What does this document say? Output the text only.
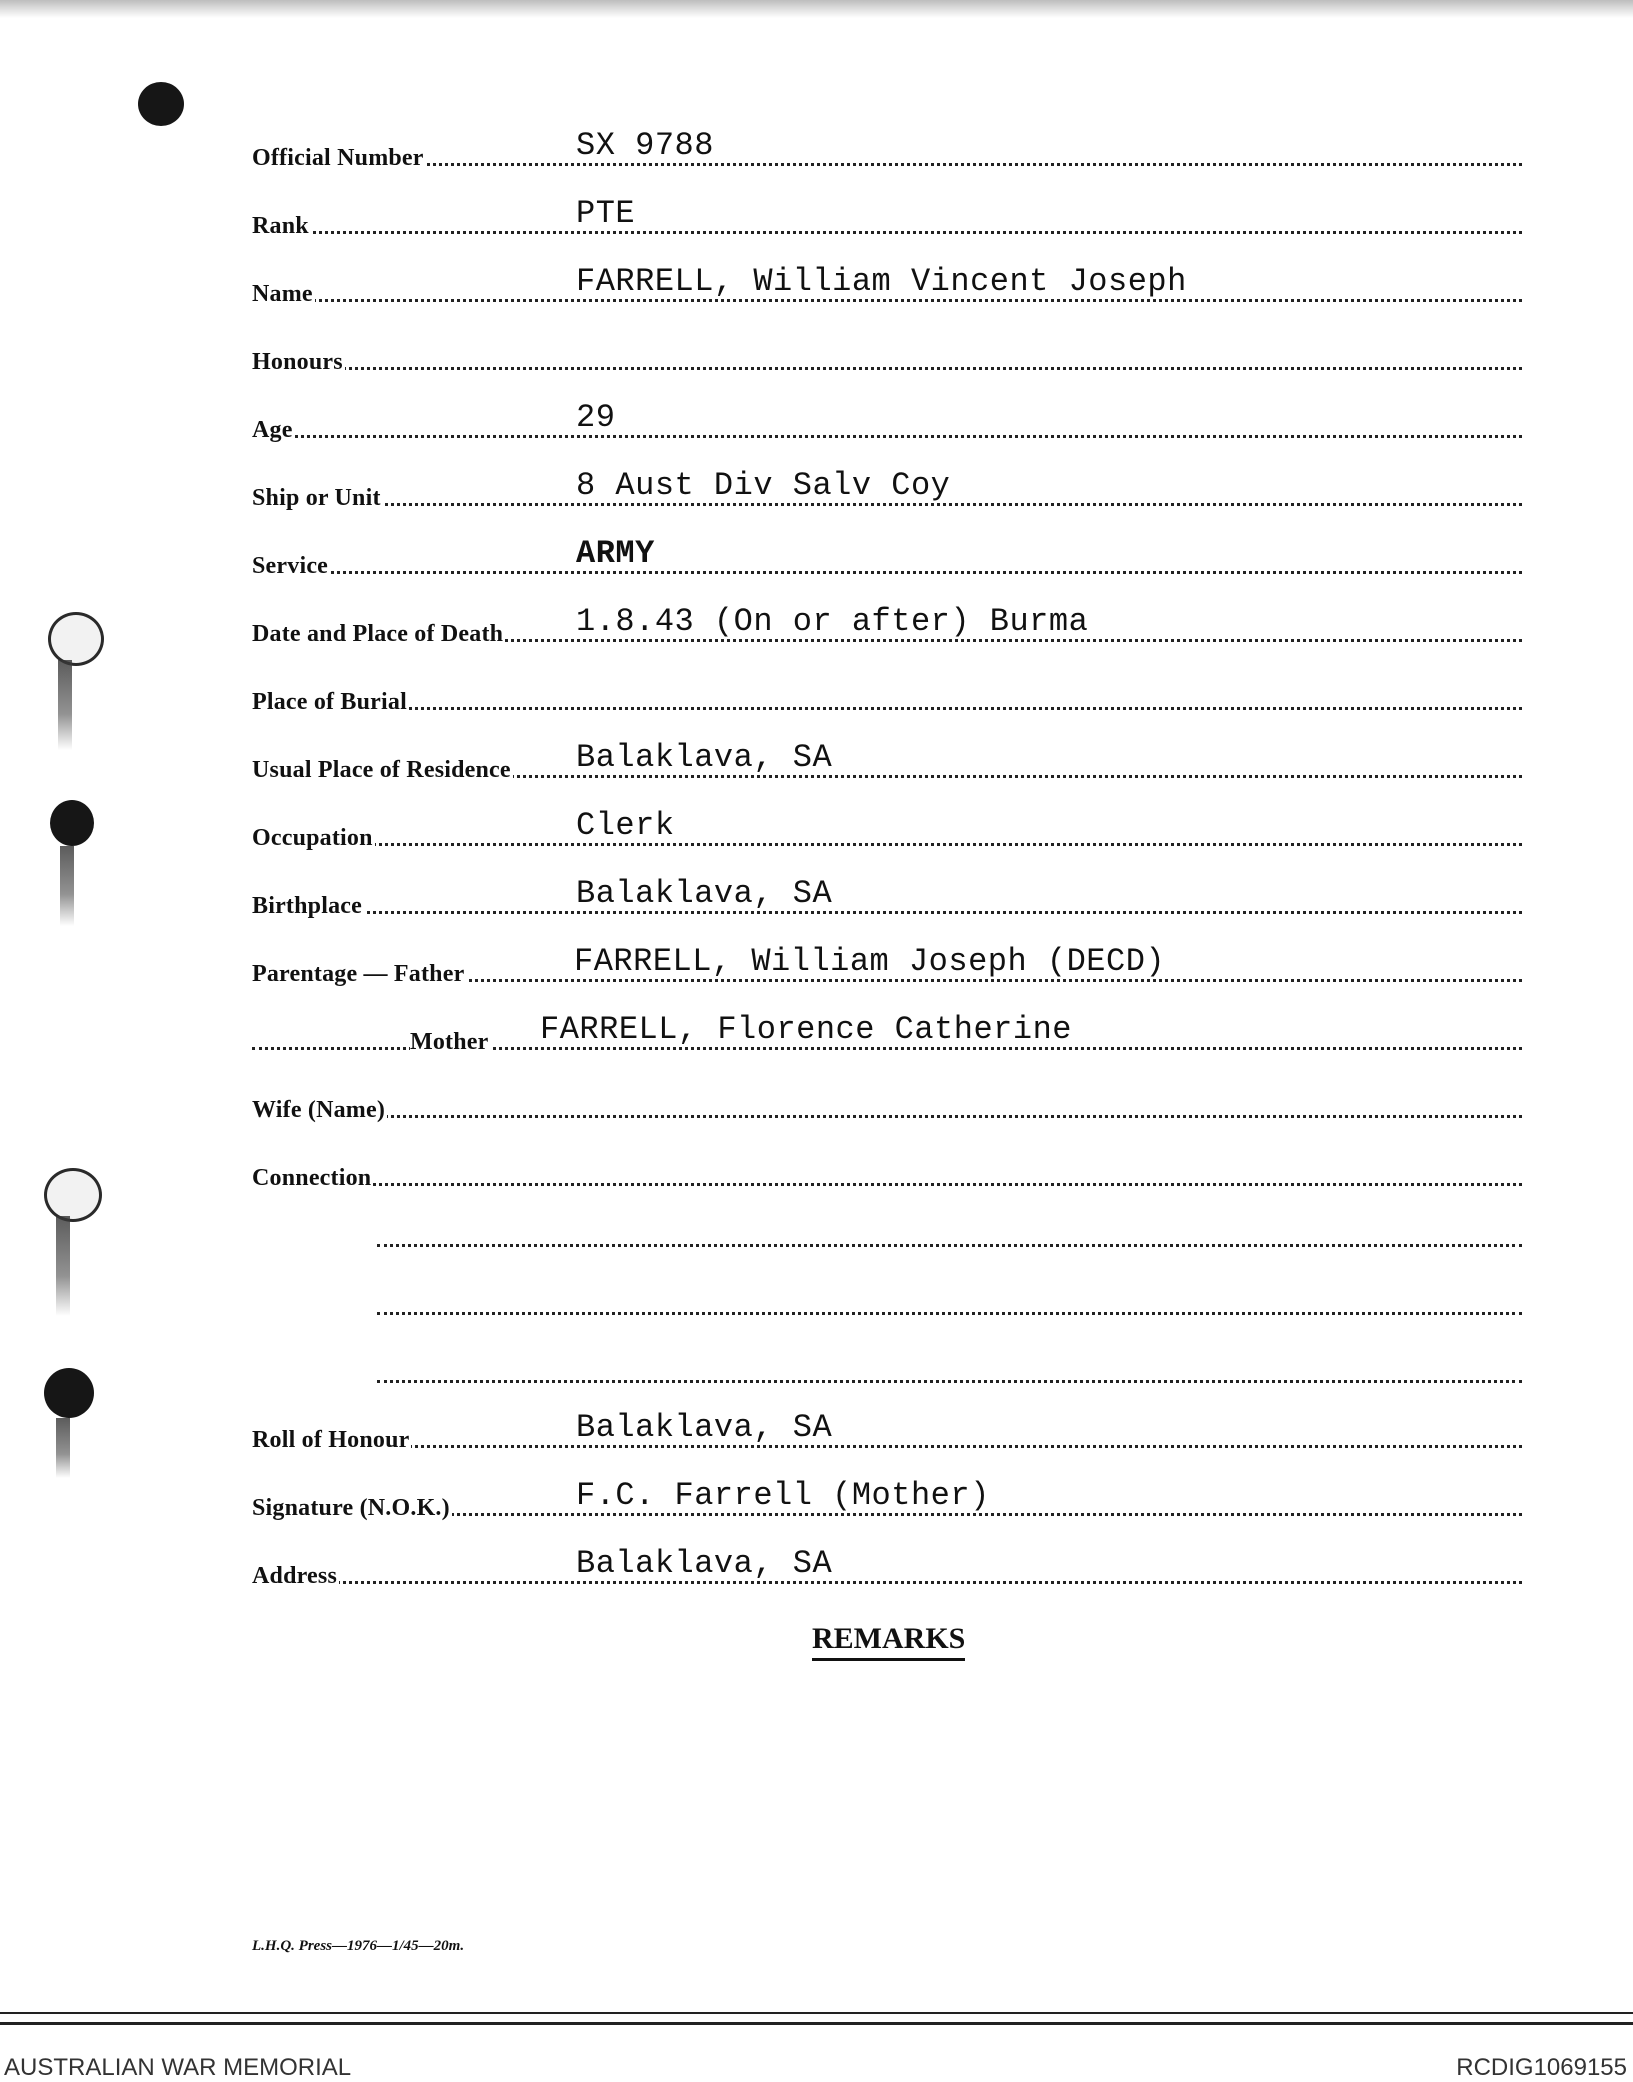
Official Number	SX 9788
Rank	PTE
Name	FARRELL, William Vincent Joseph
Honours
Age	29
Ship or Unit	8 Aust Div Salv Coy
Service	ARMY
Date and Place of Death 1.8.43 (On or after) Burma
Place of Burial
Usual Place of Residence Balaklava, SA
Occupation	Clerk
Birthplace	Balaklava, SA
Parentage — Father	FARRELL, William Joseph (DECD)
Mother FARRELL, Florence Catherine
Wife (Name)
Connection
Roll of Honour	Balaklava, SA
Signature (N.O.K.)	F.C. Farrell (Mother)
Address	Balaklava, SA
REMARKS
L.H.Q. Press—1976—1/45—20m.
AUSTRALIAN WAR MEMORIAL	RCDIG1069155
